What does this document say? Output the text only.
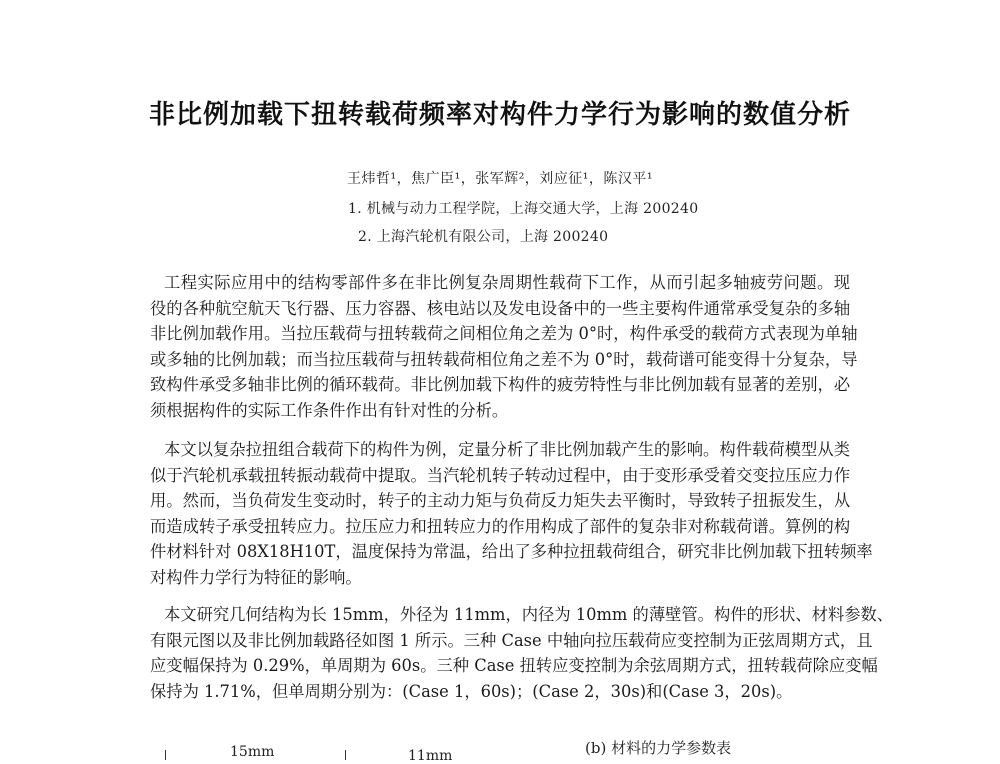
非比例加载下扭转载荷频率对构件力学行为影响的数值分析
王炜哲¹，焦广臣¹，张军辉²，刘应征¹，陈汉平¹
1. 机械与动力工程学院，上海交通大学，上海 200240
2. 上海汽轮机有限公司，上海 200240
工程实际应用中的结构零部件多在非比例复杂周期性载荷下工作，从而引起多轴疲劳问题。现
役的各种航空航天飞行器、压力容器、核电站以及发电设备中的一些主要构件通常承受复杂的多轴
非比例加载作用。当拉压载荷与扭转载荷之间相位角之差为 0°时，构件承受的载荷方式表现为单轴
或多轴的比例加载；而当拉压载荷与扭转载荷相位角之差不为 0°时，载荷谱可能变得十分复杂，导
致构件承受多轴非比例的循环载荷。非比例加载下构件的疲劳特性与非比例加载有显著的差别，必
须根据构件的实际工作条件作出有针对性的分析。
本文以复杂拉扭组合载荷下的构件为例，定量分析了非比例加载产生的影响。构件载荷模型从类
似于汽轮机承载扭转振动载荷中提取。当汽轮机转子转动过程中，由于变形承受着交变拉压应力作
用。然而，当负荷发生变动时，转子的主动力矩与负荷反力矩失去平衡时，导致转子扭振发生，从
而造成转子承受扭转应力。拉压应力和扭转应力的作用构成了部件的复杂非对称载荷谱。算例的构
件材料针对 08X18H10T，温度保持为常温，给出了多种拉扭载荷组合，研究非比例加载下扭转频率
对构件力学行为特征的影响。
本文研究几何结构为长 15mm，外径为 11mm，内径为 10mm 的薄壁管。构件的形状、材料参数、
有限元图以及非比例加载路径如图 1 所示。三种 Case 中轴向拉压载荷应变控制为正弦周期方式，且
应变幅保持为 0.29%，单周期为 60s。三种 Case 扭转应变控制为余弦周期方式，扭转载荷除应变幅
保持为 1.71%，但单周期分别为：(Case 1，60s)；(Case 2，30s)和(Case 3，20s)。
15mm	11mm	(b) 材料的力学参数表
